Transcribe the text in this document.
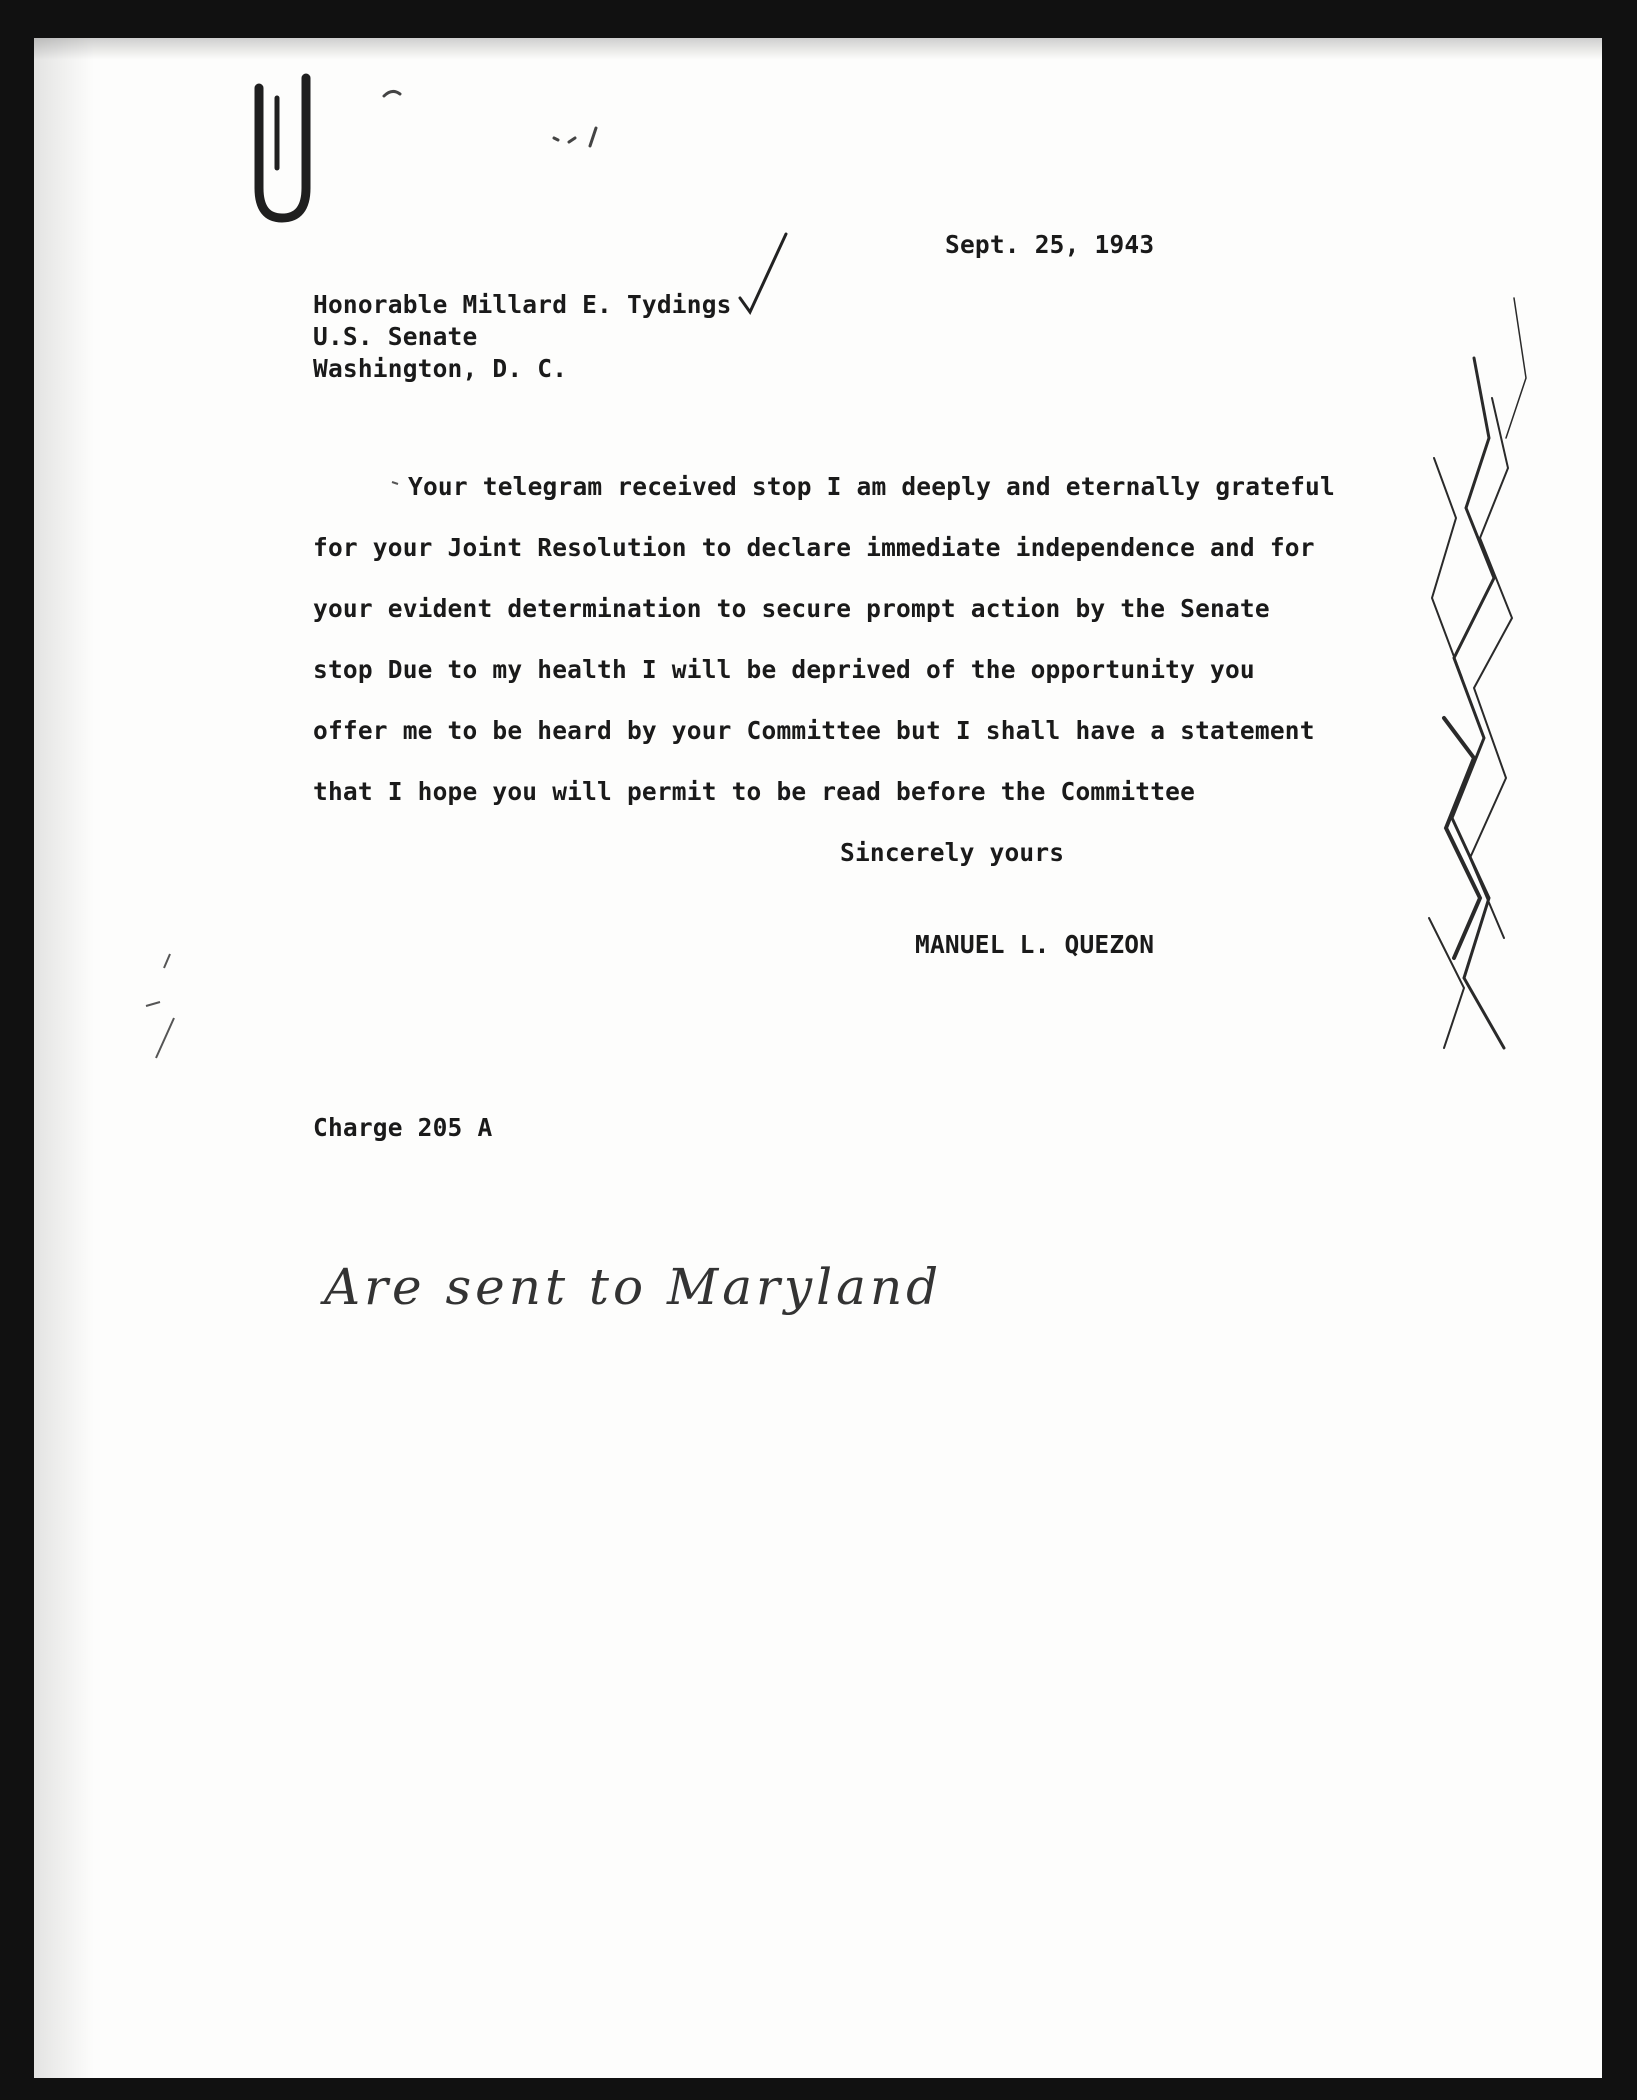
Sept. 25, 1943
Honorable Millard E. Tydings
U.S. Senate
Washington, D. C.
Your telegram received stop I am deeply and eternally grateful
for your Joint Resolution to declare immediate independence and for
your evident determination to secure prompt action by the Senate
stop Due to my health I will be deprived of the opportunity you
offer me to be heard by your Committee but I shall have a statement
that I hope you will permit to be read before the Committee
Sincerely yours
MANUEL L. QUEZON
Charge 205 A
Are sent to Maryland
